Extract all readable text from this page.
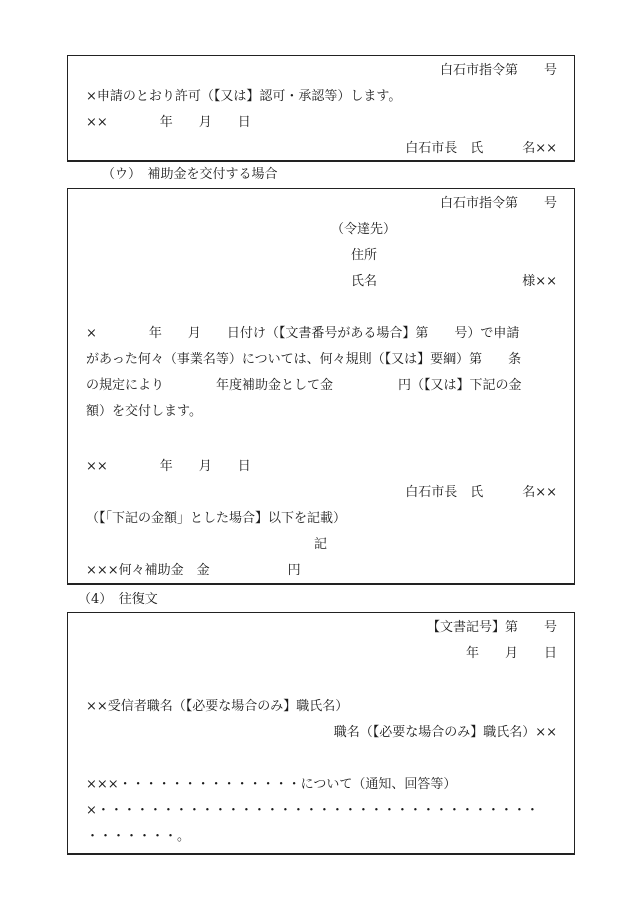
白石市指令第　　号
×申請のとおり許可（【又は】認可・承認等）します。
××　　　　年　　月　　日
白石市長　氏　　　名××
（ウ）　補助金を交付する場合
白石市指令第　　号
（令達先）
住所
氏名	様××
×　　　　年　　月　　日付け（【文書番号がある場合】第　　号）で申請
があった何々（事業名等）については、何々規則（【又は】要綱）第　　条
の規定により　　　　年度補助金として金　　　　　円（【又は】下記の金
額）を交付します。
××　　　　年　　月　　日
白石市長　氏　　　名××
（【「下記の金額」とした場合】以下を記載）
記
×××何々補助金　金　　　　　　円
（4）　往復文
【文書記号】第　　号
年　　月　　日
××受信者職名（【必要な場合のみ】職氏名）
職名（【必要な場合のみ】職氏名）××
×××・・・・・・・・・・・・・・について（通知、回答等）
×・・・・・・・・・・・・・・・・・・・・・・・・・・・・・・・・・・
・・・・・・・。
